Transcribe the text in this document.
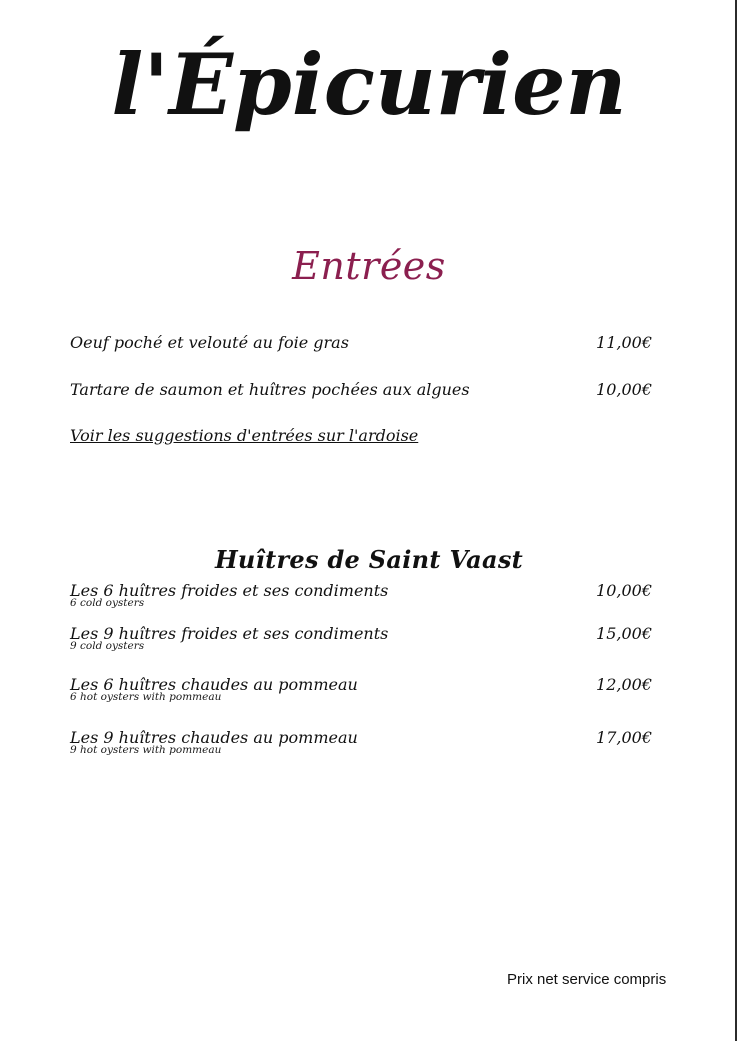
l'Épicurien
Entrées
Oeuf poché et velouté au foie gras	11,00€
Tartare de saumon et huîtres pochées aux algues	10,00€
Voir les suggestions d'entrées sur l'ardoise
Huîtres de Saint Vaast
Les 6 huîtres froides et ses condiments
6 cold oysters
10,00€
Les 9 huîtres froides et ses condiments
9 cold oysters
15,00€
Les 6 huîtres chaudes au pommeau
6 hot oysters with pommeau
12,00€
Les 9 huîtres chaudes au pommeau
9 hot oysters with pommeau
17,00€
Prix net service compris
